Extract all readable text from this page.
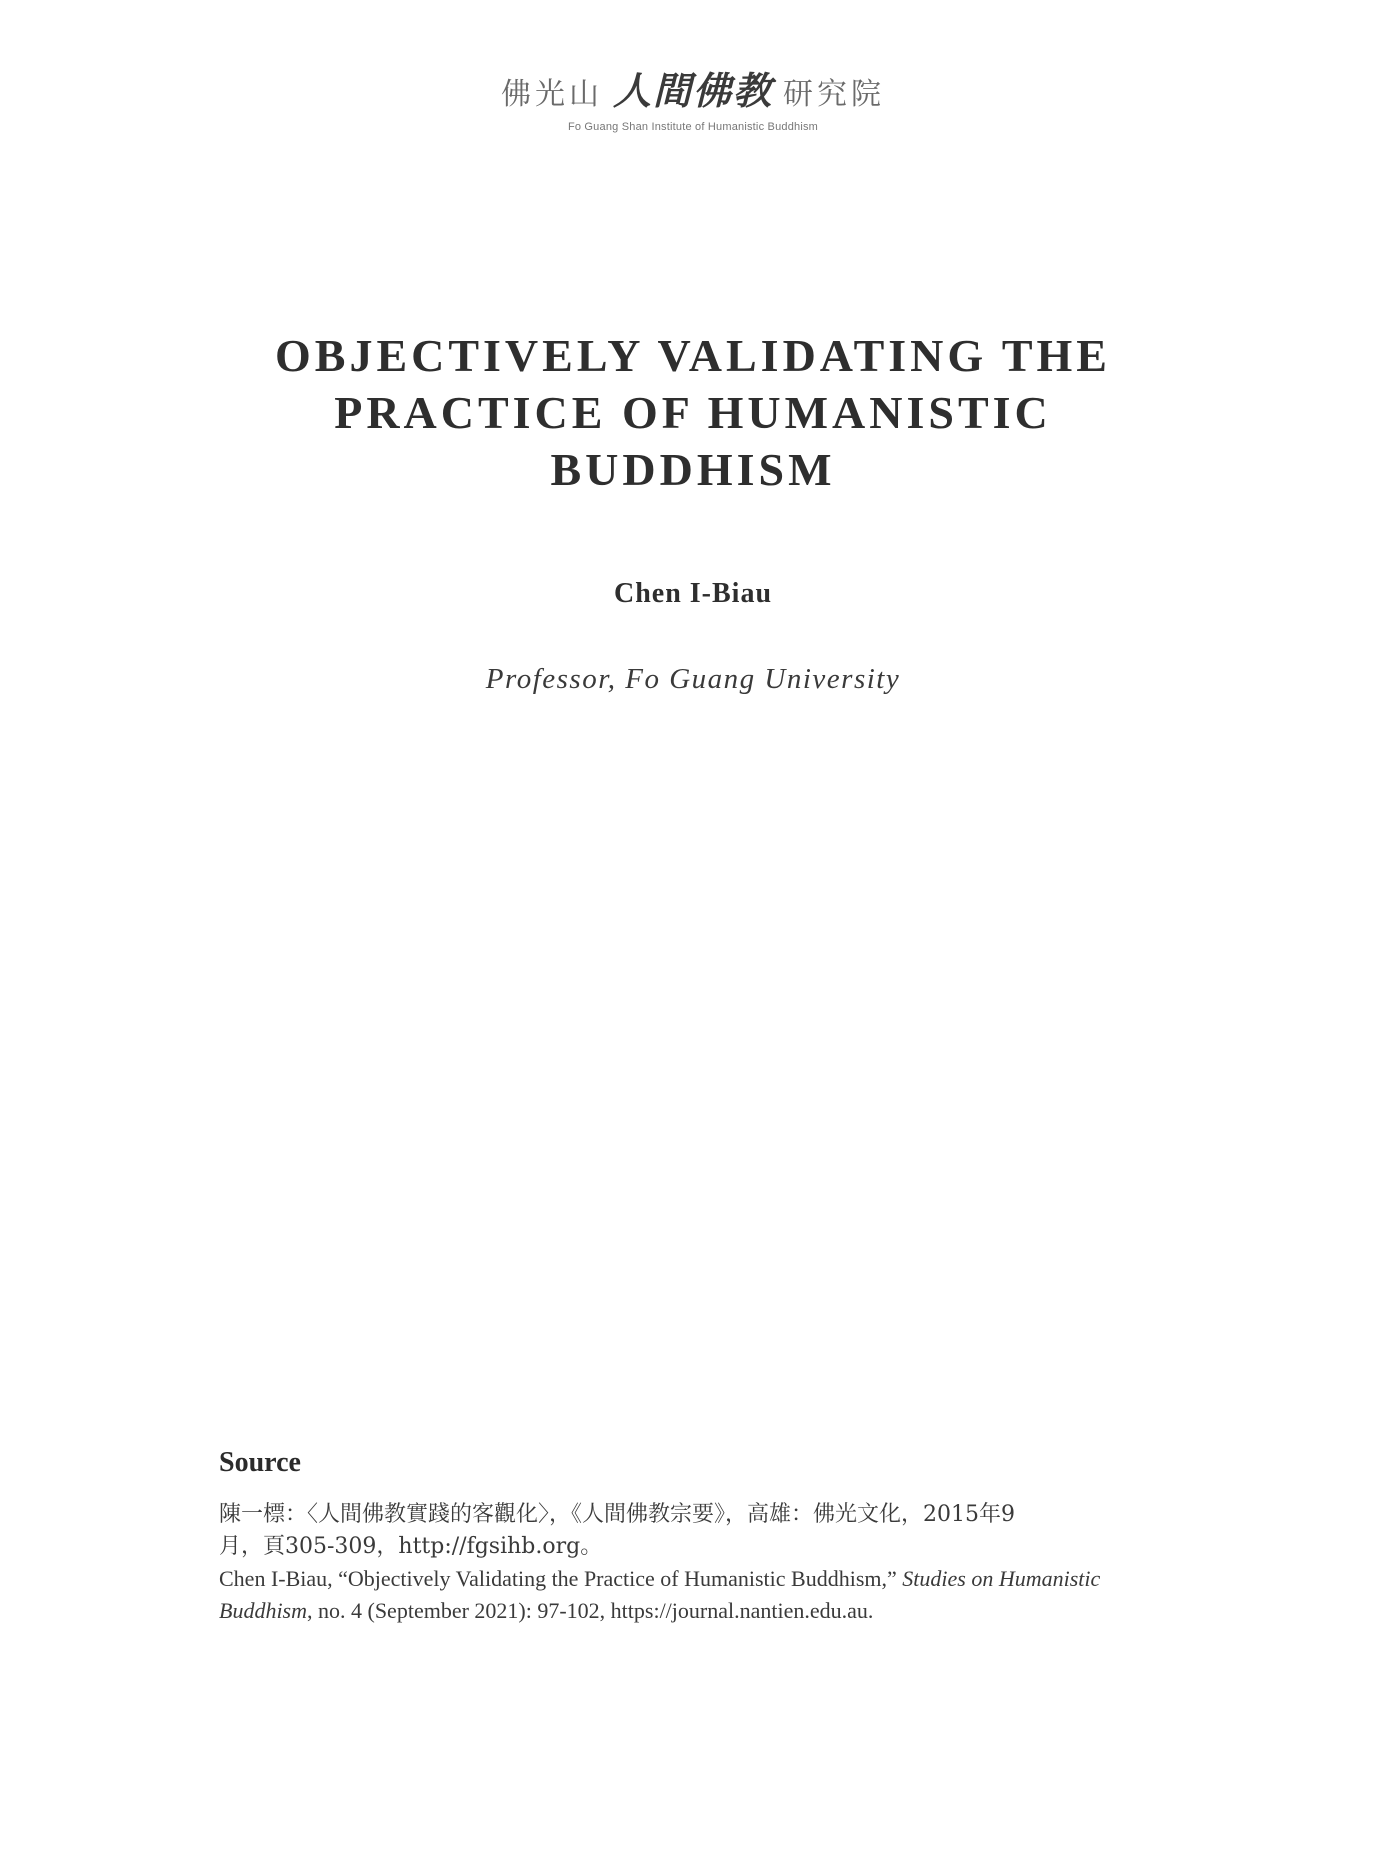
佛光山 人間佛教 研究院
Fo Guang Shan Institute of Humanistic Buddhism
OBJECTIVELY VALIDATING THE
PRACTICE OF HUMANISTIC
BUDDHISM
Chen I-Biau
Professor, Fo Guang University
Source
陳一標：〈人間佛教實踐的客觀化〉，《人間佛教宗要》，高雄：佛光文化，2015年9
月，頁305-309，http://fgsihb.org。
Chen I-Biau, “Objectively Validating the Practice of Humanistic Buddhism,” Studies on Humanistic
Buddhism, no. 4 (September 2021): 97-102, https://journal.nantien.edu.au.
